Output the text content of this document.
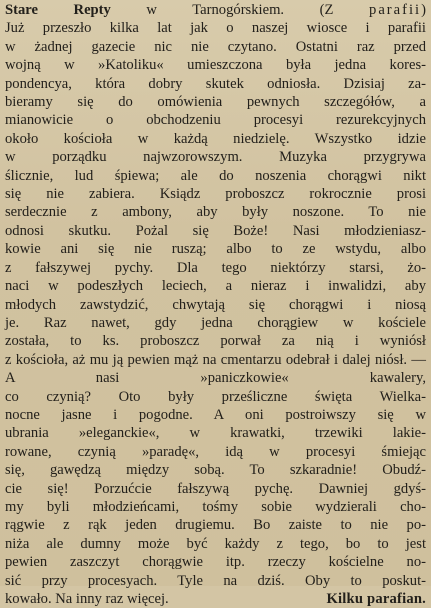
Stare Repty w Tarnogórskiem. (Z parafii)
Już przeszło kilka lat jak o naszej wiosce i parafii
w żadnej gazecie nic nie czytano. Ostatni raz przed
wojną w »Katoliku« umieszczona była jedna kores-
pondencya, która dobry skutek odniosła. Dzisiaj za-
bieramy się do omówienia pewnych szczegółów, a
mianowicie o obchodzeniu procesyi rezurekcyjnych
około kościoła w każdą niedzielę. Wszystko idzie
w porządku najwzorowszym. Muzyka przygrywa
ślicznie, lud śpiewa; ale do noszenia chorągwi nikt
się nie zabiera. Ksiądz proboszcz rokrocznie prosi
serdecznie z ambony, aby były noszone. To nie
odnosi skutku. Pożal się Boże! Nasi młodzieniasz-
kowie ani się nie ruszą; albo to ze wstydu, albo
z fałszywej pychy. Dla tego niektórzy starsi, żo-
naci w podeszłych leciech, a nieraz i inwalidzi, aby
młodych zawstydzić, chwytają się chorągwi i niosą
je. Raz nawet, gdy jedna chorągiew w kościele
została, to ks. proboszcz porwał za nią i wyniósł
z kościoła, aż mu ją pewien mąż na cmentarzu odebrał i dalej niósł. — A nasi »paniczkowie« kawalery,
co czynią? Oto były prześliczne święta Wielka-
nocne jasne i pogodne. A oni postroiwszy się w
ubrania »eleganckie«, w krawatki, trzewiki lakie-
rowane, czynią »paradę«, idą w procesyi śmiejąc
się, gawędzą między sobą. To szkaradnie! Obudź-
cie się! Porzućcie fałszywą pychę. Dawniej gdyś-
my byli młodzieńcami, tośmy sobie wydzierali cho-
rągwie z rąk jeden drugiemu. Bo zaiste to nie po-
niża ale dumny może być każdy z tego, bo to jest
pewien zaszczyt chorągwie itp. rzeczy kościelne no-
sić przy procesyach. Tyle na dziś. Oby to poskut-
kowało. Na inny raz więcej.	Kilku parafian.
